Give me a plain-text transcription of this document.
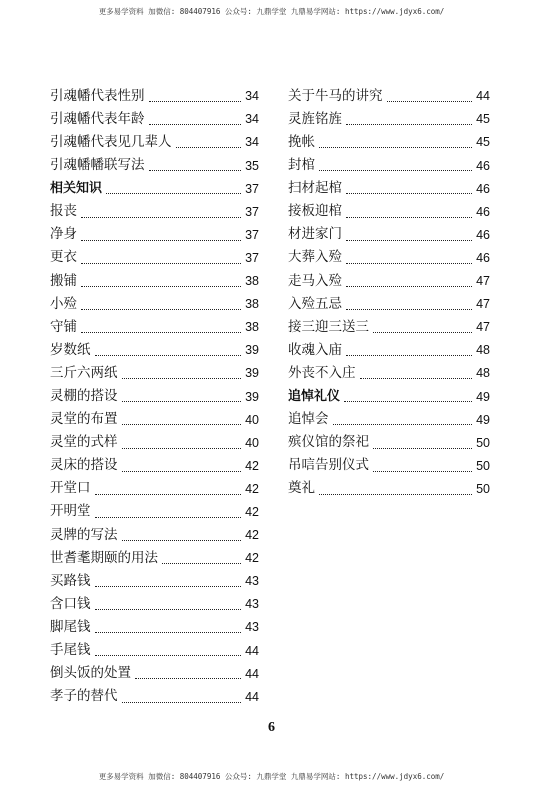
更多易学资料 加微信: 804407916 公众号: 九鼎学堂 九鼎易学网站: https://www.jdyx6.com/
引魂幡代表性别	34
引魂幡代表年龄	34
引魂幡代表见几辈人	34
引魂幡幡联写法	35
相关知识	37
报丧	37
净身	37
更衣	37
搬铺	38
小殓	38
守铺	38
岁数纸	39
三斤六两纸	39
灵棚的搭设	39
灵堂的布置	40
灵堂的式样	40
灵床的搭设	42
开堂口	42
开明堂	42
灵牌的写法	42
世耆耄期颐的用法	42
买路钱	43
含口钱	43
脚尾钱	43
手尾钱	44
倒头饭的处置	44
孝子的替代	44
关于牛马的讲究	44
灵旌铭旌	45
挽帐	45
封棺	46
扫材起棺	46
接板迎棺	46
材进家门	46
大葬入殓	46
走马入殓	47
入殓五忌	47
接三迎三送三	47
收魂入庙	48
外丧不入庄	48
追悼礼仪	49
追悼会	49
殡仪馆的祭祀	50
吊唁告别仪式	50
奠礼	50
6
更多易学资料 加微信: 804407916 公众号: 九鼎学堂 九鼎易学网站: https://www.jdyx6.com/
